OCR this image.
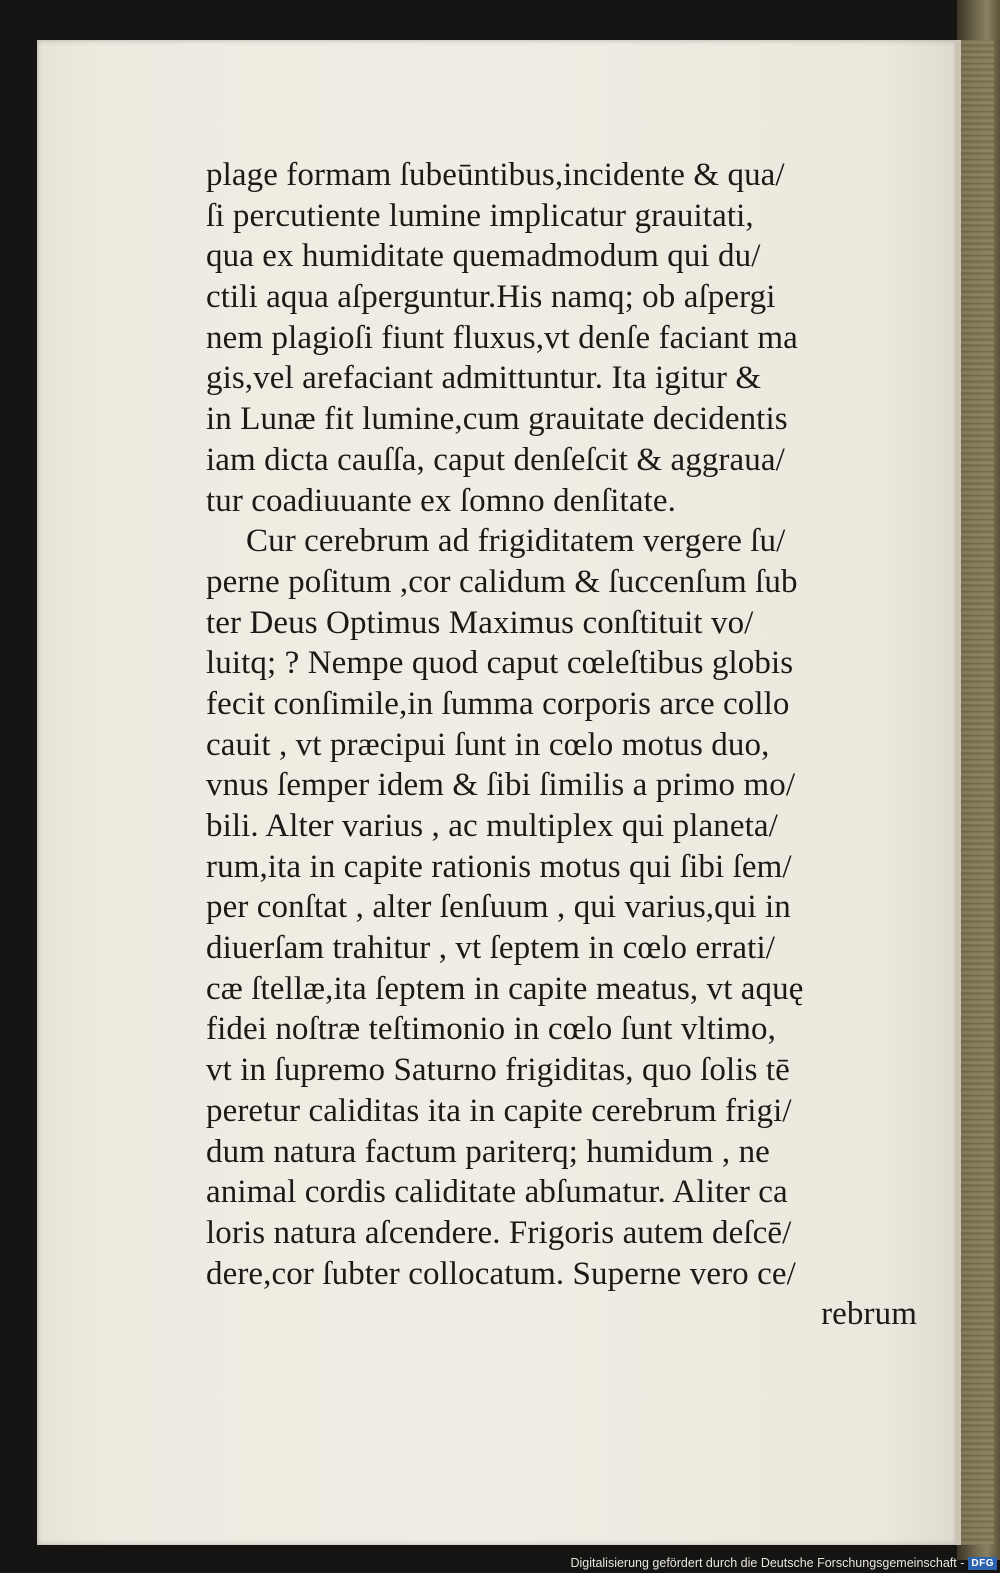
plage formam ſubeūntibus,incidente & qua/
ſi percutiente lumine implicatur grauitati,
qua ex humiditate quemadmodum qui du/
ctili aqua aſperguntur.His namq; ob aſpergi
nem plagioſi fiunt fluxus,vt denſe faciant ma
gis,vel arefaciant admittuntur. Ita igitur &
in Lunæ fit lumine,cum grauitate decidentis
iam dicta cauſſa, caput denſeſcit & aggraua/
tur coadiuuante ex ſomno denſitate.
Cur cerebrum ad frigiditatem vergere ſu/
perne poſitum ,cor calidum & ſuccenſum ſub
ter Deus Optimus Maximus conſtituit vo/
luitq; ? Nempe quod caput cœleſtibus globis
fecit conſimile,in ſumma corporis arce collo
cauit , vt præcipui ſunt in cœlo motus duo,
vnus ſemper idem & ſibi ſimilis a primo mo/
bili. Alter varius , ac multiplex qui planeta/
rum,ita in capite rationis motus qui ſibi ſem/
per conſtat , alter ſenſuum , qui varius,qui in
diuerſam trahitur , vt ſeptem in cœlo errati/
cæ ſtellæ,ita ſeptem in capite meatus, vt aquę
fidei noſtræ teſtimonio in cœlo ſunt vltimo,
vt in ſupremo Saturno frigiditas, quo ſolis tē
peretur caliditas ita in capite cerebrum frigi/
dum natura factum pariterq; humidum , ne
animal cordis caliditate abſumatur. Aliter ca
loris natura aſcendere. Frigoris autem deſcē/
dere,cor ſubter collocatum. Superne vero ce/
rebrum
Digitalisierung gefördert durch die Deutsche Forschungsgemeinschaft - DFG
